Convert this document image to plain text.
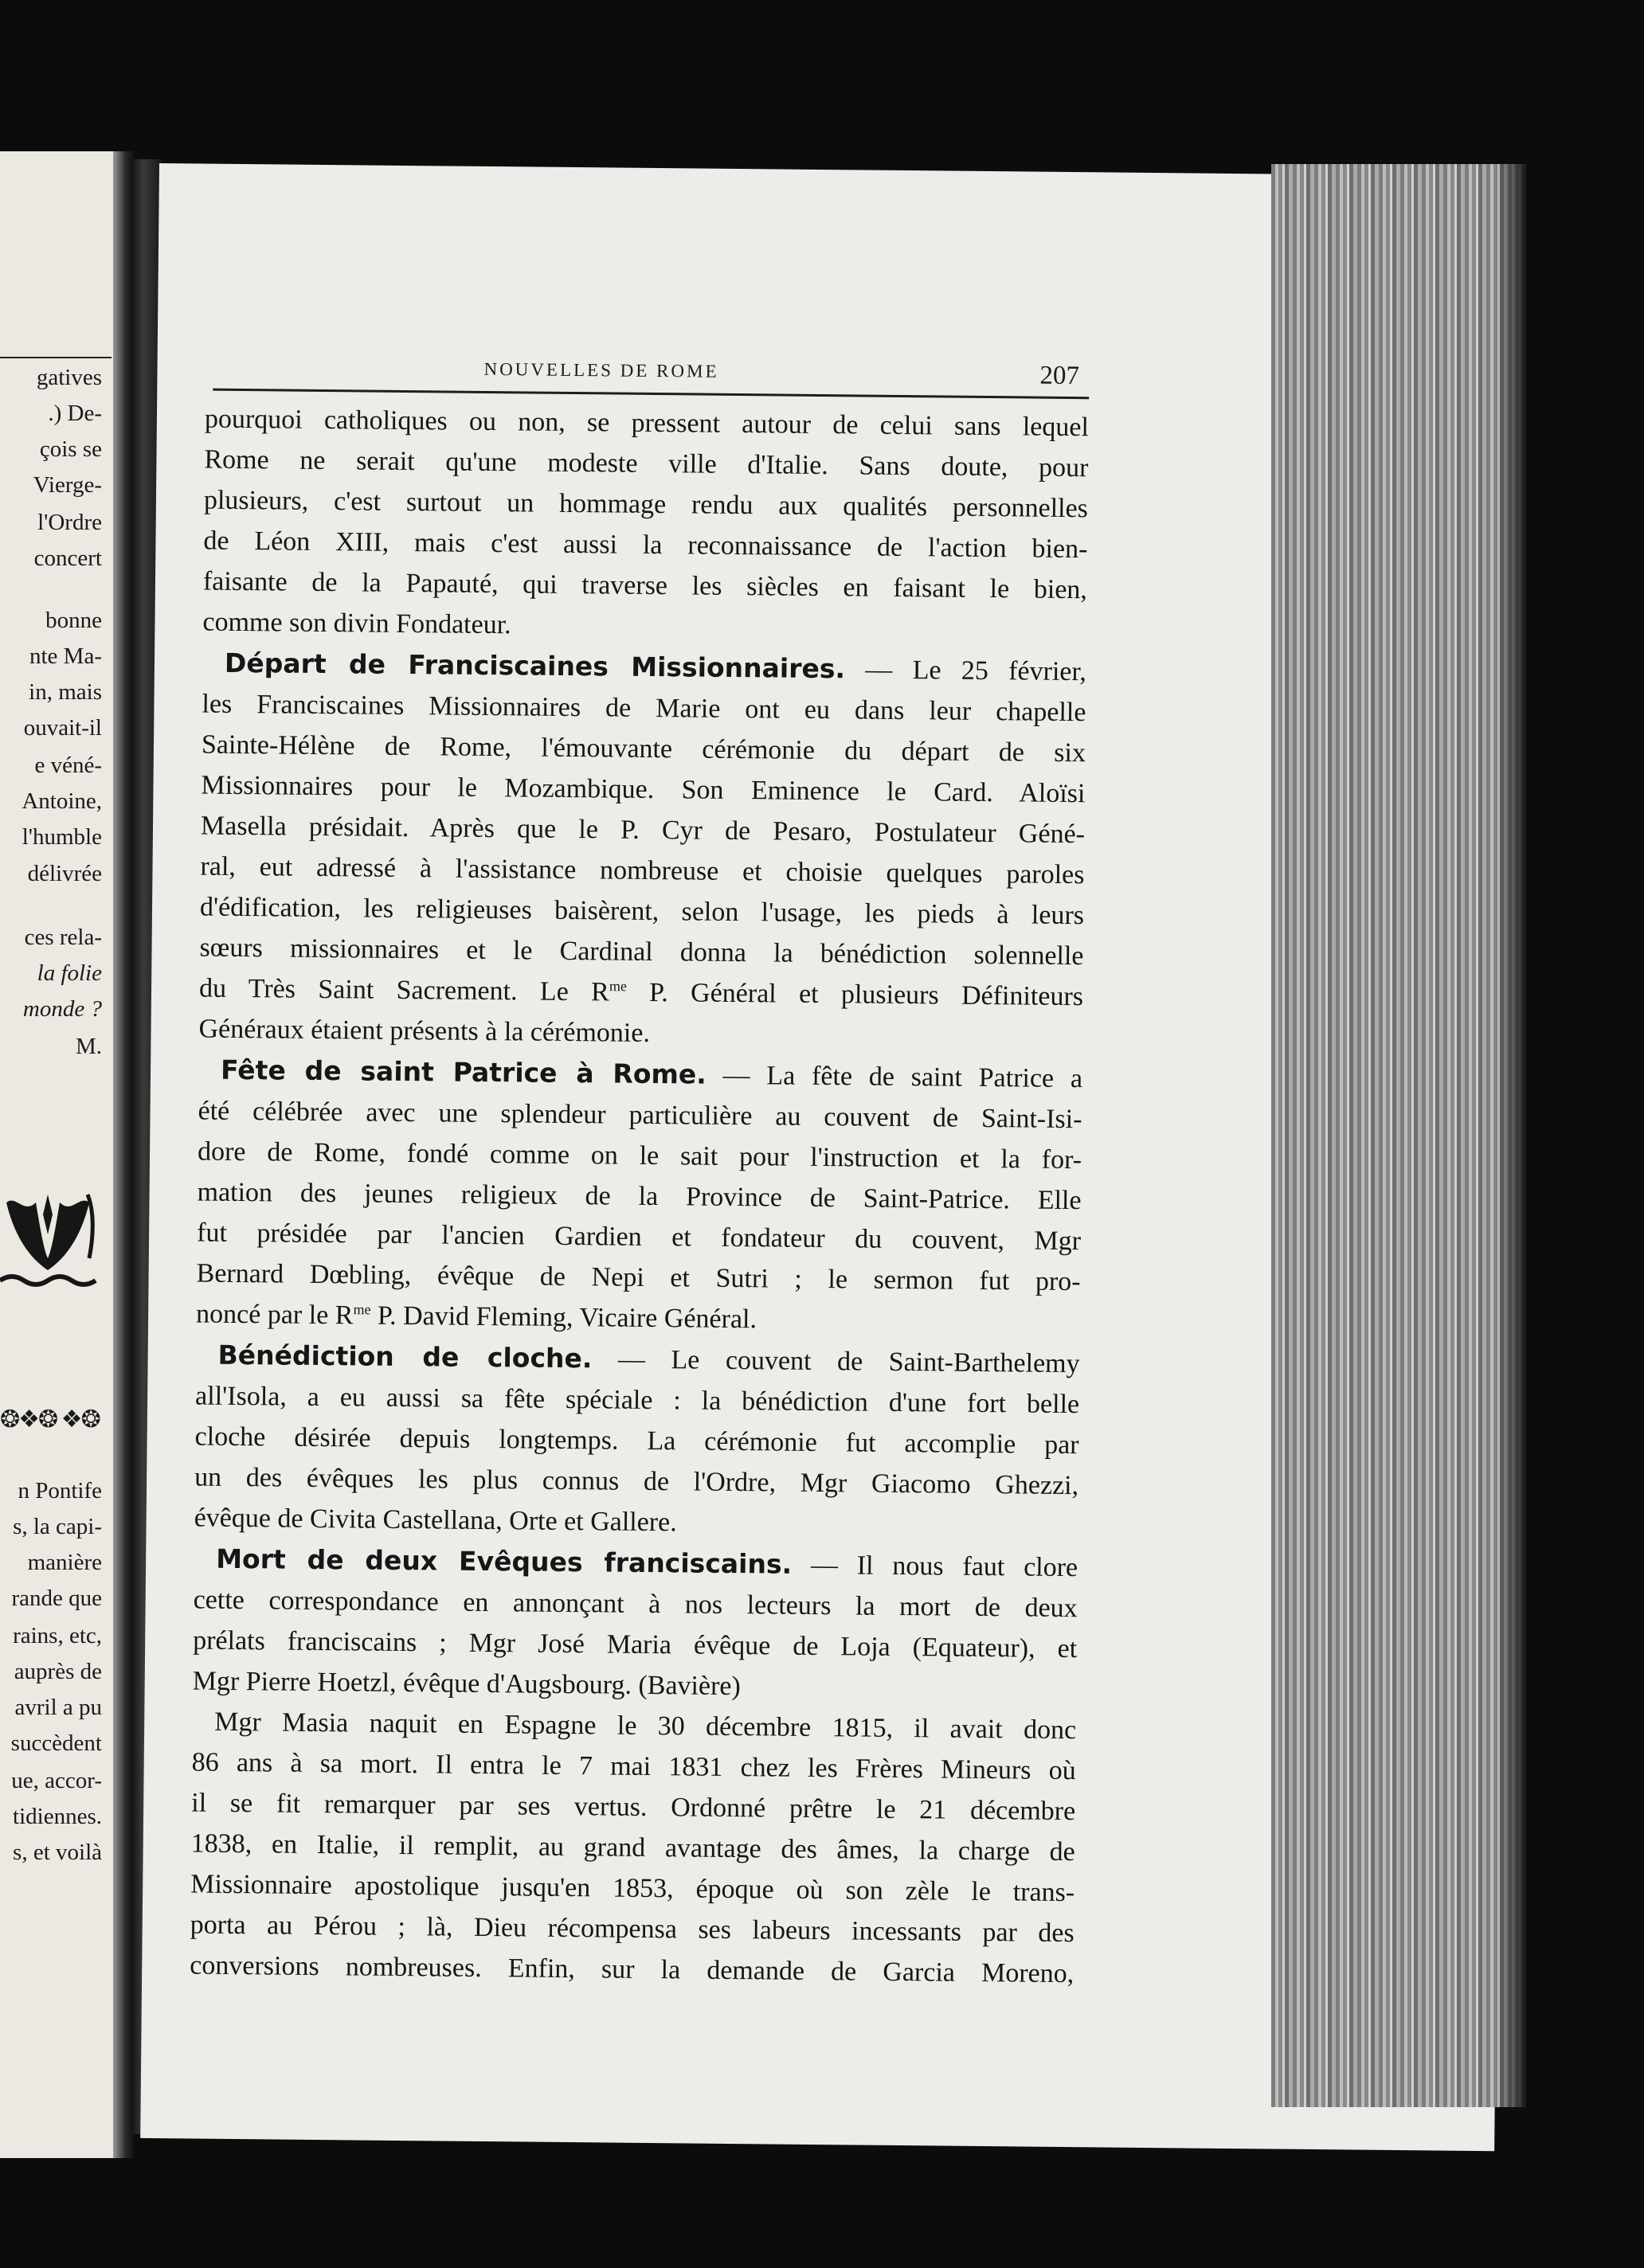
gatives
.) De-
çois se
Vierge-
l'Ordre
concert
bonne
nte Ma-
in, mais
ouvait-il
e véné-
Antoine,
l'humble
délivrée
ces rela-
la folie
monde ?
M.
n Pontife
s, la capi-
manière
rande que
rains, etc,
auprès de
avril a pu
succèdent
ue, accor-
tidiennes.
s, et voilà
❂❖❂ ❖❂
NOUVELLES DE ROME	207
pourquoi catholiques ou non, se pressent autour de celui sans lequel
Rome ne serait qu'une modeste ville d'Italie. Sans doute, pour
plusieurs, c'est surtout un hommage rendu aux qualités personnelles
de Léon XIII, mais c'est aussi la reconnaissance de l'action bien-
faisante de la Papauté, qui traverse les siècles en faisant le bien,
comme son divin Fondateur.
Départ de Franciscaines Missionnaires. — Le 25 février,
les Franciscaines Missionnaires de Marie ont eu dans leur chapelle
Sainte-Hélène de Rome, l'émouvante cérémonie du départ de six
Missionnaires pour le Mozambique. Son Eminence le Card. Aloïsi
Masella présidait. Après que le P. Cyr de Pesaro, Postulateur Géné-
ral, eut adressé à l'assistance nombreuse et choisie quelques paroles
d'édification, les religieuses baisèrent, selon l'usage, les pieds à leurs
sœurs missionnaires et le Cardinal donna la bénédiction solennelle
du Très Saint Sacrement. Le $R^{me}$ P. Général et plusieurs Définiteurs
Généraux étaient présents à la cérémonie.
Fête de saint Patrice à Rome. — La fête de saint Patrice a
été célébrée avec une splendeur particulière au couvent de Saint-Isi-
dore de Rome, fondé comme on le sait pour l'instruction et la for-
mation des jeunes religieux de la Province de Saint-Patrice. Elle
fut présidée par l'ancien Gardien et fondateur du couvent, Mgr
Bernard Dœbling, évêque de Nepi et Sutri ; le sermon fut pro-
noncé par le $R^{me}$ P. David Fleming, Vicaire Général.
Bénédiction de cloche. — Le couvent de Saint-Barthelemy
all'Isola, a eu aussi sa fête spéciale : la bénédiction d'une fort belle
cloche désirée depuis longtemps. La cérémonie fut accomplie par
un des évêques les plus connus de l'Ordre, Mgr Giacomo Ghezzi,
évêque de Civita Castellana, Orte et Gallere.
Mort de deux Evêques franciscains. — Il nous faut clore
cette correspondance en annonçant à nos lecteurs la mort de deux
prélats franciscains ; Mgr José Maria évêque de Loja (Equateur), et
Mgr Pierre Hoetzl, évêque d'Augsbourg. (Bavière)
Mgr Masia naquit en Espagne le 30 décembre 1815, il avait donc
86 ans à sa mort. Il entra le 7 mai 1831 chez les Frères Mineurs où
il se fit remarquer par ses vertus. Ordonné prêtre le 21 décembre
1838, en Italie, il remplit, au grand avantage des âmes, la charge de
Missionnaire apostolique jusqu'en 1853, époque où son zèle le trans-
porta au Pérou ; là, Dieu récompensa ses labeurs incessants par des
conversions nombreuses. Enfin, sur la demande de Garcia Moreno,
